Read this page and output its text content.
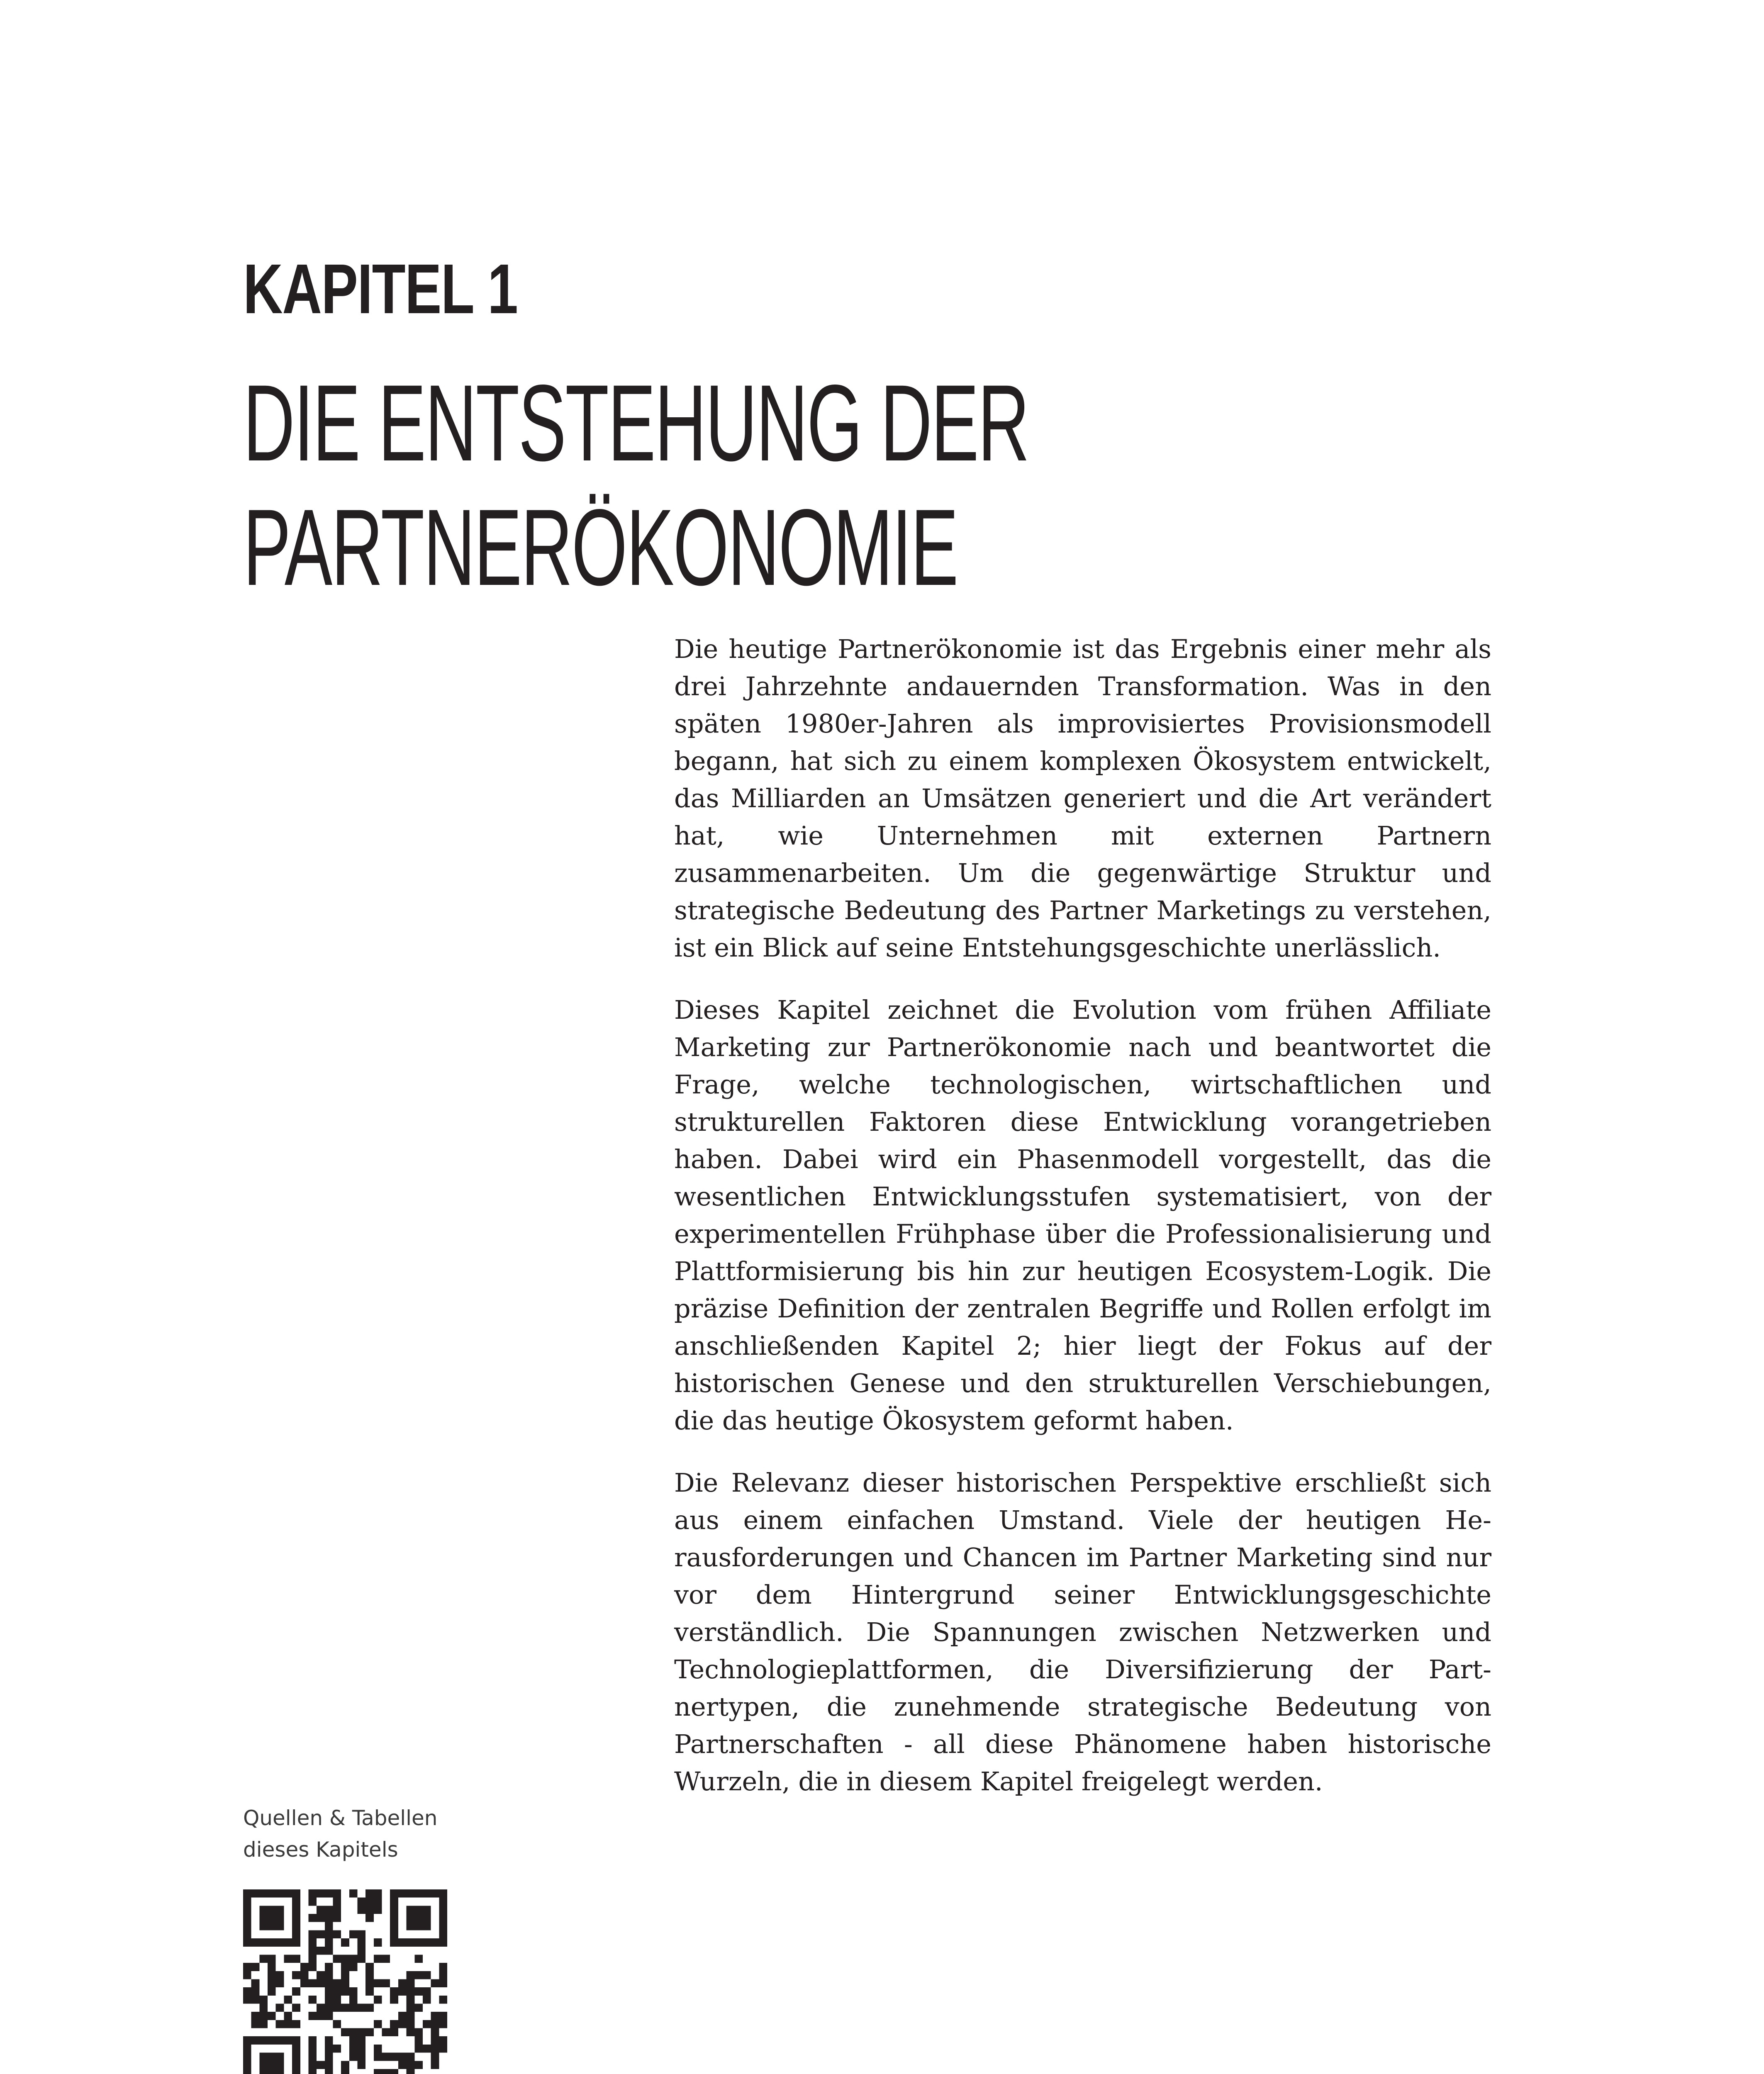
KAPITEL 1
DIE ENTSTEHUNG DER
PARTNERÖKONOMIE

Die heutige Partnerökonomie ist das Ergebnis einer mehr als drei Jahrzehnte andauernden Transformation. Was in den späten 1980er-Jahren als improvisiertes Provisionsmodell begann, hat sich zu einem komplexen Ökosystem entwickelt, das Milliarden an Umsätzen generiert und die Art verändert hat, wie Unternehmen mit externen Partnern zusammenarbeiten. Um die gegenwärtige Struktur und strategische Bedeutung des Partner Marketings zu verstehen, ist ein Blick auf seine Entstehungsgeschichte unerlässlich.

Dieses Kapitel zeichnet die Evolution vom frühen Affiliate Marketing zur Partnerökonomie nach und beantwortet die Frage, welche technologischen, wirtschaftlichen und strukturellen Faktoren diese Entwicklung vorangetrieben haben. Dabei wird ein Phasenmodell vorgestellt, das die wesentlichen Entwicklungsstufen systematisiert, von der experimentellen Frühphase über die Professionalisierung und Plattformisierung bis hin zur heutigen Ecosystem-Logik. Die präzise Definition der zentralen Begriffe und Rollen erfolgt im anschließenden Kapitel 2; hier liegt der Fokus auf der historischen Genese und den strukturellen Verschiebungen, die das heutige Ökosystem geformt haben.

Die Relevanz dieser historischen Perspektive erschließt sich aus einem einfachen Umstand. Viele der heutigen Herausforderungen und Chancen im Partner Marketing sind nur vor dem Hintergrund seiner Entwicklungsgeschichte verständlich. Die Spannungen zwischen Netzwerken und Technologieplattformen, die Diversifizierung der Partnertypen, die zunehmende strategische Bedeutung von Partnerschaften - all diese Phänomene haben historische Wurzeln, die in diesem Kapitel freigelegt werden.

Quellen & Tabellen
dieses Kapitels
